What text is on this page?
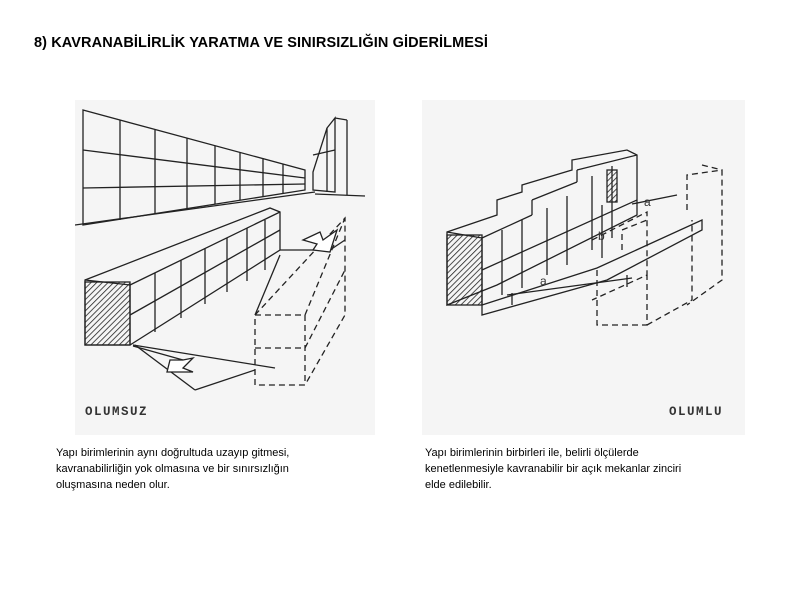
8) KAVRANABİLİRLİK YARATMA VE SINIRSIZLIĞIN GİDERİLMESİ
OLUMSUZ
a
b
a
OLUMLU
Yapı birimlerinin aynı doğrultuda uzayıp gitmesi,
kavranabilirliğin yok olmasına ve bir sınırsızlığın
oluşmasına neden olur.
Yapı birimlerinin birbirleri ile, belirli ölçülerde
kenetlenmesiyle kavranabilir bir açık mekanlar zinciri
elde edilebilir.
